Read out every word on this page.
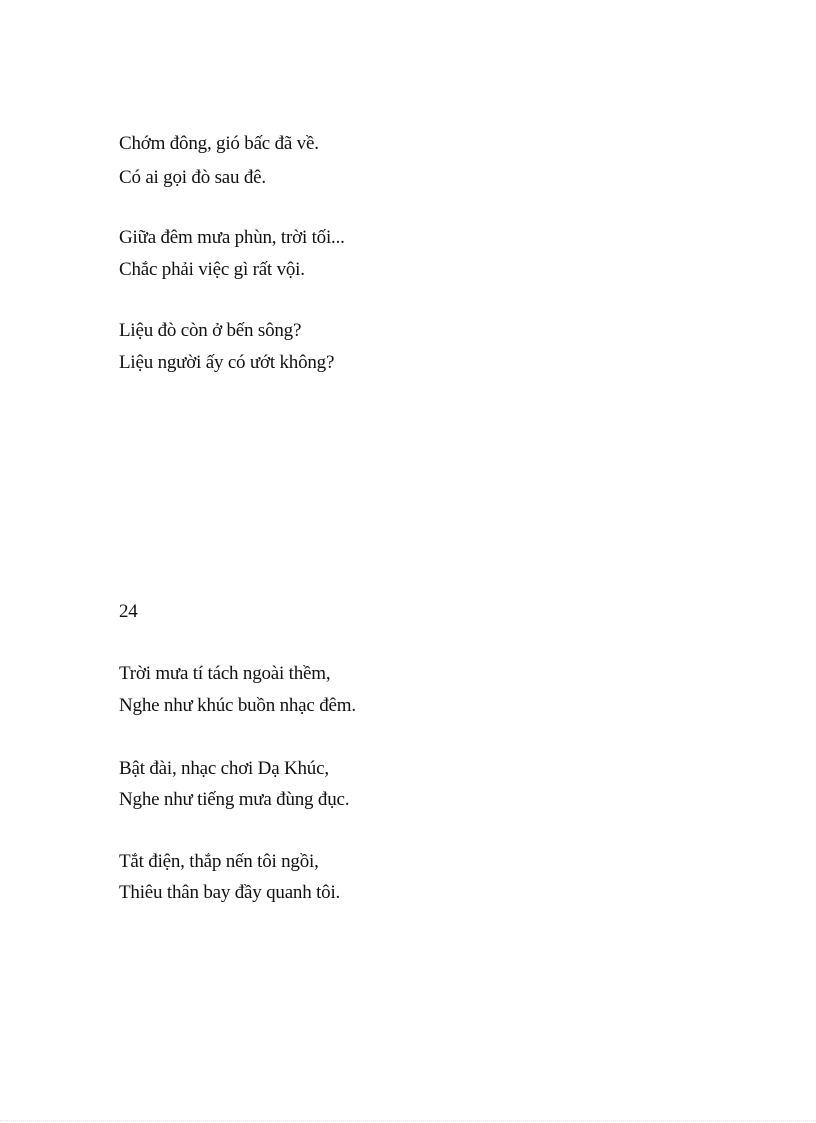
Chớm đông, gió bấc đã về.
Có ai gọi đò sau đê.
Giữa đêm mưa phùn, trời tối...
Chắc phải việc gì rất vội.
Liệu đò còn ở bến sông?
Liệu người ấy có ướt không?
24
Trời mưa tí tách ngoài thềm,
Nghe như khúc buồn nhạc đêm.
Bật đài, nhạc chơi Dạ Khúc,
Nghe như tiếng mưa đùng đục.
Tắt điện, thắp nến tôi ngồi,
Thiêu thân bay đầy quanh tôi.
